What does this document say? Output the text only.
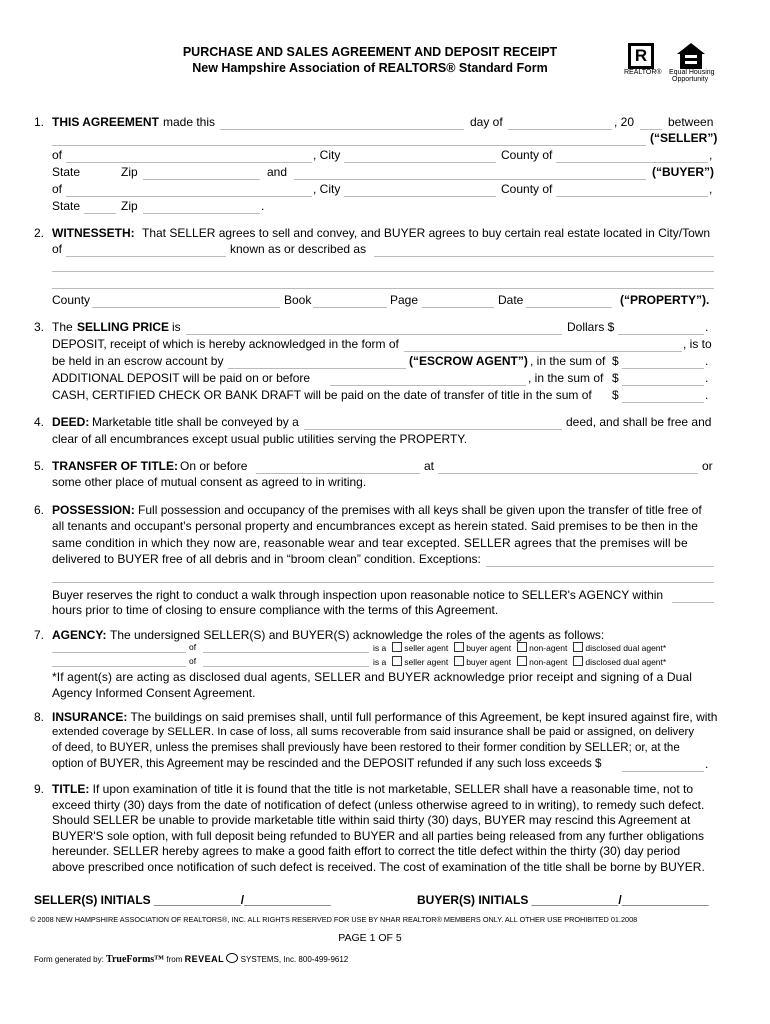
PURCHASE AND SALES AGREEMENT AND DEPOSIT RECEIPT
New Hampshire Association of REALTORS® Standard Form
R
REALTOR® Equal Housing
Opportunity
1. THIS AGREEMENT made this	day of	, 20	between
(“SELLER”)
of	, City	County of	,
State	Zip	and	(“BUYER”)
of	, City	County of	,
State	Zip	.
2. WITNESSETH: That SELLER agrees to sell and convey, and BUYER agrees to buy certain real estate located in City/Town
of	known as or described as
County	Book	Page	Date	(“PROPERTY”).
3. The SELLING PRICE is	Dollars $	.
DEPOSIT, receipt of which is hereby acknowledged in the form of	, is to
be held in an escrow account by	(“ESCROW AGENT”) , in the sum of $	.
ADDITIONAL DEPOSIT will be paid on or before	, in the sum of $	.
CASH, CERTIFIED CHECK OR BANK DRAFT will be paid on the date of transfer of title in the sum of $	.
4. DEED: Marketable title shall be conveyed by a	deed, and shall be free and
clear of all encumbrances except usual public utilities serving the PROPERTY.
5. TRANSFER OF TITLE: On or before	at	or
some other place of mutual consent as agreed to in writing.
6. POSSESSION: Full possession and occupancy of the premises with all keys shall be given upon the transfer of title free of
all tenants and occupant's personal property and encumbrances except as herein stated. Said premises to be then in the
same condition in which they now are, reasonable wear and tear excepted. SELLER agrees that the premises will be
delivered to BUYER free of all debris and in “broom clean” condition. Exceptions:
Buyer reserves the right to conduct a walk through inspection upon reasonable notice to SELLER's AGENCY within
hours prior to time of closing to ensure compliance with the terms of this Agreement.
7. AGENCY: The undersigned SELLER(S) and BUYER(S) acknowledge the roles of the agents as follows:
of	is a seller agent buyer agent non-agent disclosed dual agent*
of	is a seller agent buyer agent non-agent disclosed dual agent*
*If agent(s) are acting as disclosed dual agents, SELLER and BUYER acknowledge prior receipt and signing of a Dual
Agency Informed Consent Agreement.
8. INSURANCE: The buildings on said premises shall, until full performance of this Agreement, be kept insured against fire, with
extended coverage by SELLER. In case of loss, all sums recoverable from said insurance shall be paid or assigned, on delivery
of deed, to BUYER, unless the premises shall previously have been restored to their former condition by SELLER; or, at the
option of BUYER, this Agreement may be rescinded and the DEPOSIT refunded if any such loss exceeds $	.
9. TITLE: If upon examination of title it is found that the title is not marketable, SELLER shall have a reasonable time, not to
exceed thirty (30) days from the date of notification of defect (unless otherwise agreed to in writing), to remedy such defect.
Should SELLER be unable to provide marketable title within said thirty (30) days, BUYER may rescind this Agreement at
BUYER'S sole option, with full deposit being refunded to BUYER and all parties being released from any further obligations
hereunder. SELLER hereby agrees to make a good faith effort to correct the title defect within the thirty (30) day period
above prescribed once notification of such defect is received. The cost of examination of the title shall be borne by BUYER.
SELLER(S) INITIALS _____________/_____________	BUYER(S) INITIALS _____________/_____________
© 2008 NEW HAMPSHIRE ASSOCIATION OF REALTORS®, INC. ALL RIGHTS RESERVED FOR USE BY NHAR REALTOR® MEMBERS ONLY. ALL OTHER USE PROHIBITED 01.2008
PAGE 1 OF 5
Form generated by: TrueForms™ from REVEAL SYSTEMS, Inc. 800-499-9612
